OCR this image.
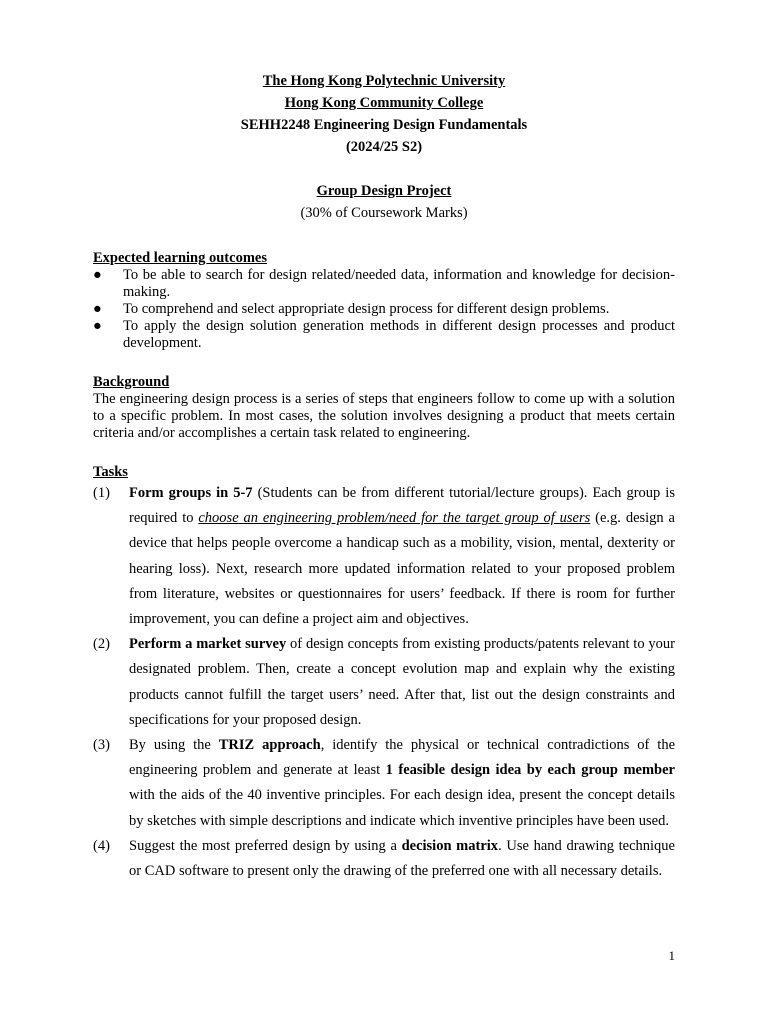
The Hong Kong Polytechnic University
Hong Kong Community College
SEHH2248 Engineering Design Fundamentals
(2024/25 S2)
Group Design Project
(30% of Coursework Marks)
Expected learning outcomes
● To be able to search for design related/needed data, information and knowledge for decision-making.
● To comprehend and select appropriate design process for different design problems.
● To apply the design solution generation methods in different design processes and product development.
Background
The engineering design process is a series of steps that engineers follow to come up with a solution to a specific problem. In most cases, the solution involves designing a product that meets certain criteria and/or accomplishes a certain task related to engineering.
Tasks
(1) Form groups in 5-7 (Students can be from different tutorial/lecture groups). Each group is required to choose an engineering problem/need for the target group of users (e.g. design a device that helps people overcome a handicap such as a mobility, vision, mental, dexterity or hearing loss). Next, research more updated information related to your proposed problem from literature, websites or questionnaires for users’ feedback. If there is room for further improvement, you can define a project aim and objectives.
(2) Perform a market survey of design concepts from existing products/patents relevant to your designated problem. Then, create a concept evolution map and explain why the existing products cannot fulfill the target users’ need. After that, list out the design constraints and specifications for your proposed design.
(3) By using the TRIZ approach, identify the physical or technical contradictions of the engineering problem and generate at least 1 feasible design idea by each group member with the aids of the 40 inventive principles. For each design idea, present the concept details by sketches with simple descriptions and indicate which inventive principles have been used.
(4) Suggest the most preferred design by using a decision matrix. Use hand drawing technique or CAD software to present only the drawing of the preferred one with all necessary details.
1
